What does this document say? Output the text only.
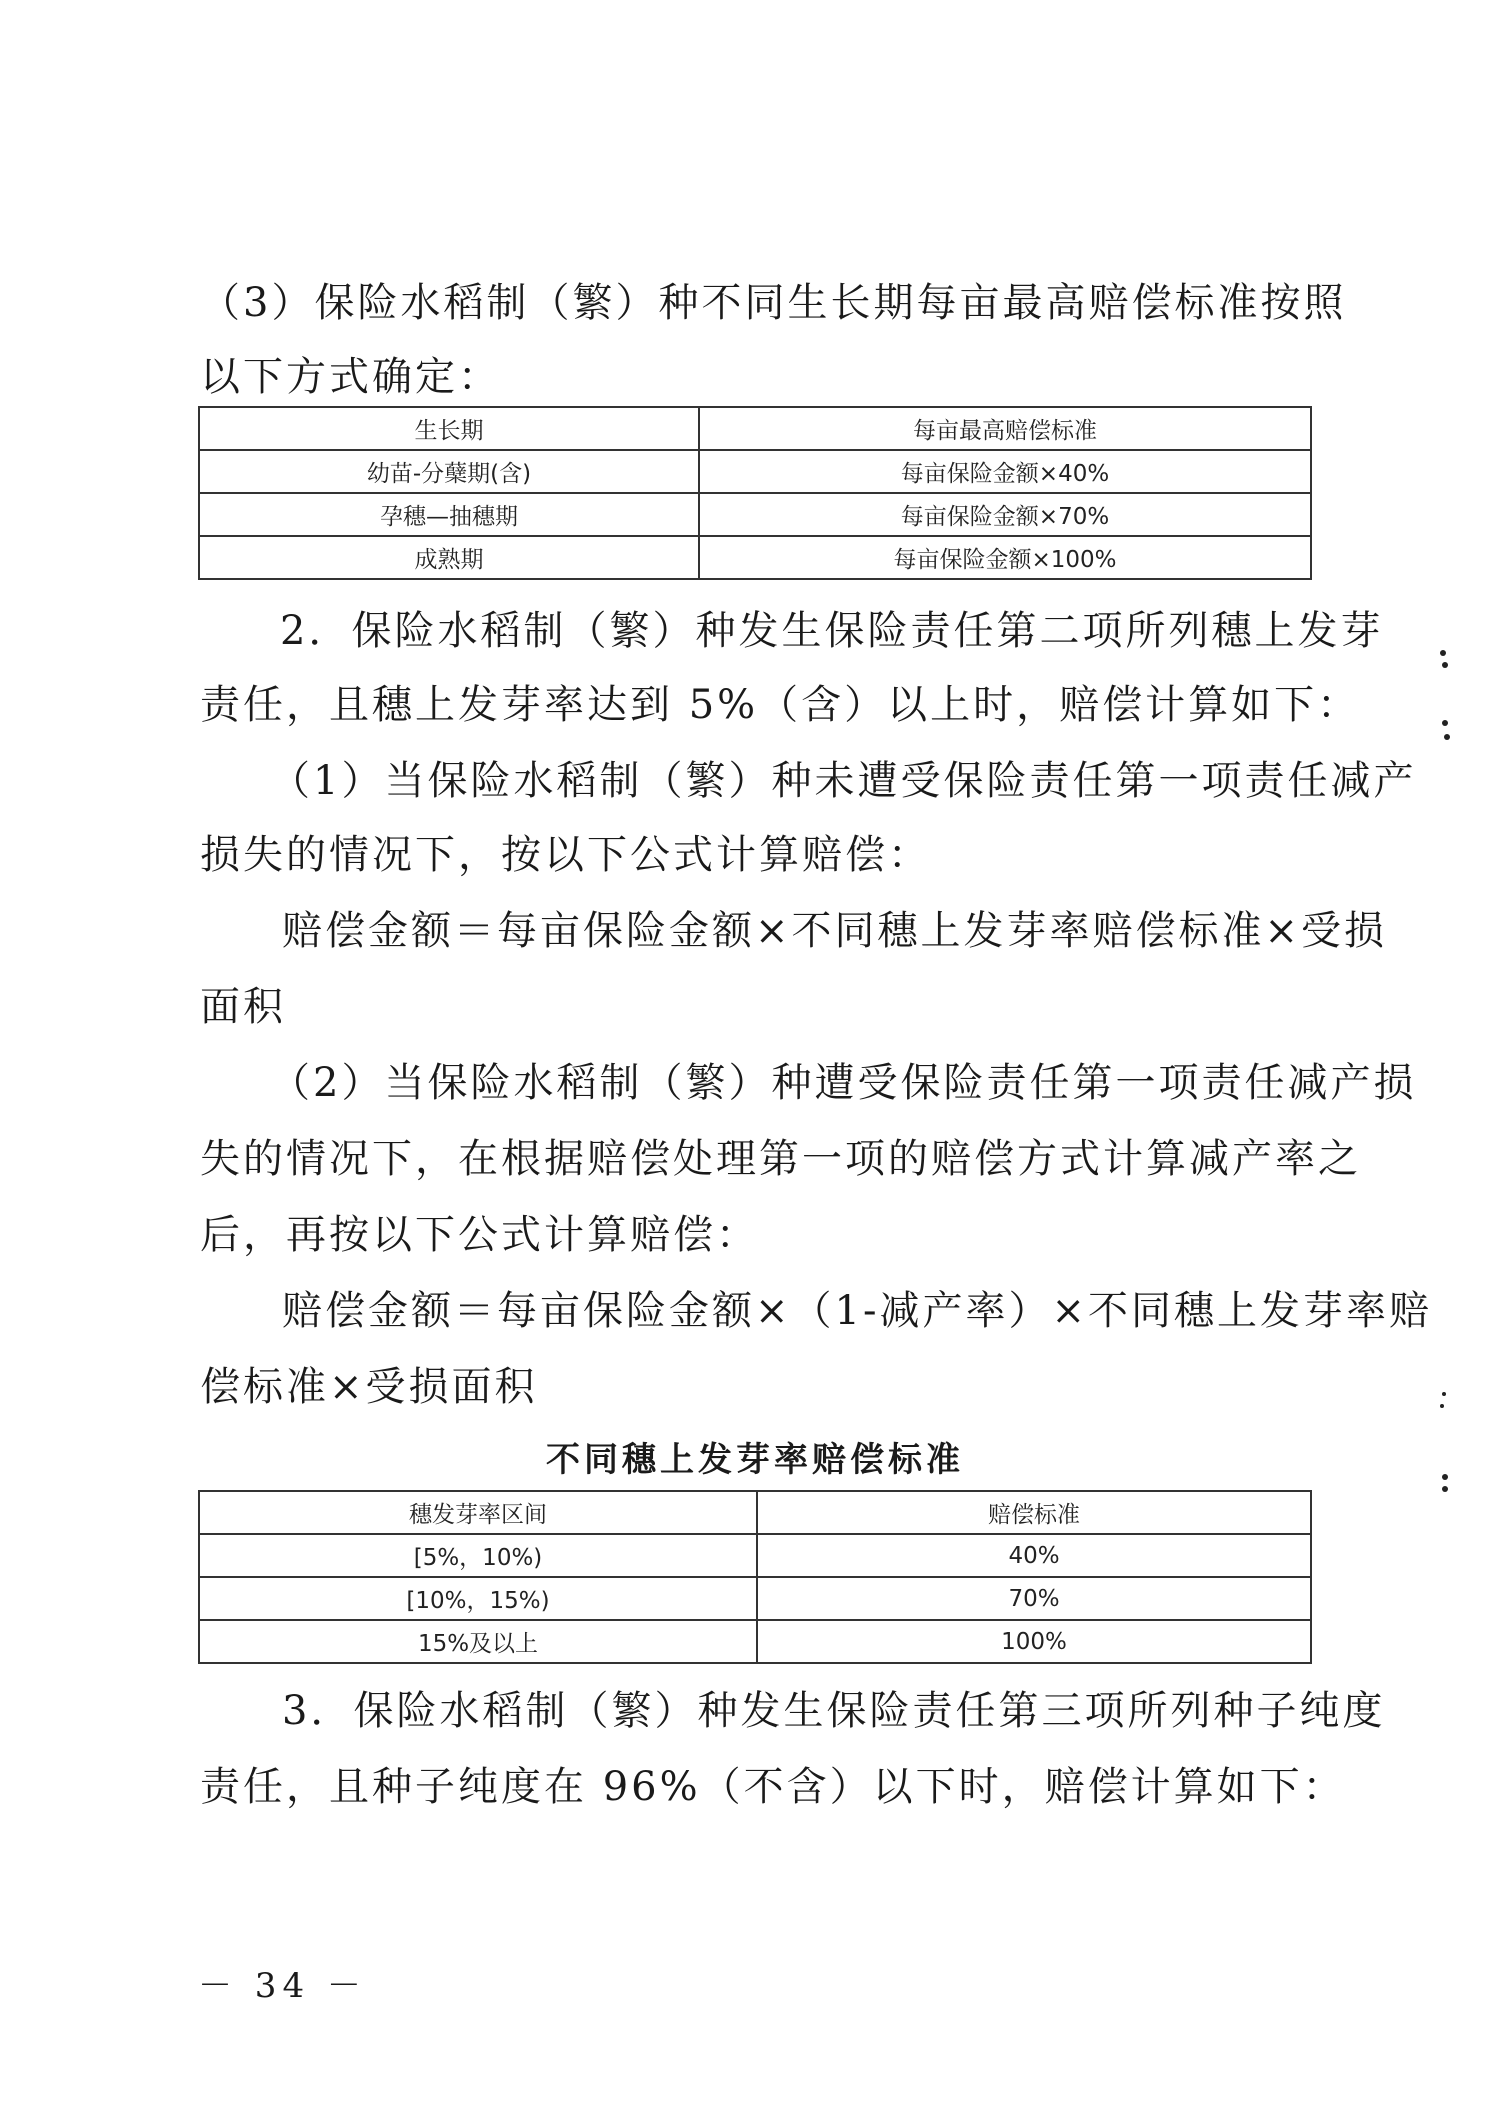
（3）保险水稻制（繁）种不同生长期每亩最高赔偿标准按照
以下方式确定：
生长期	每亩最高赔偿标准
幼苗-分蘖期(含)	每亩保险金额×40%
孕穗—抽穗期	每亩保险金额×70%
成熟期	每亩保险金额×100%
2．保险水稻制（繁）种发生保险责任第二项所列穗上发芽
责任，且穗上发芽率达到 5%（含）以上时，赔偿计算如下：
（1）当保险水稻制（繁）种未遭受保险责任第一项责任减产
损失的情况下，按以下公式计算赔偿：
赔偿金额＝每亩保险金额×不同穗上发芽率赔偿标准×受损
面积
（2）当保险水稻制（繁）种遭受保险责任第一项责任减产损
失的情况下，在根据赔偿处理第一项的赔偿方式计算减产率之
后，再按以下公式计算赔偿：
赔偿金额＝每亩保险金额×（1-减产率）×不同穗上发芽率赔
偿标准×受损面积
不同穗上发芽率赔偿标准
穗发芽率区间	赔偿标准
[5%，10%)	40%
[10%，15%)	70%
15%及以上	100%
3．保险水稻制（繁）种发生保险责任第三项所列种子纯度
责任，且种子纯度在 96%（不含）以下时，赔偿计算如下：
－ 34 －
